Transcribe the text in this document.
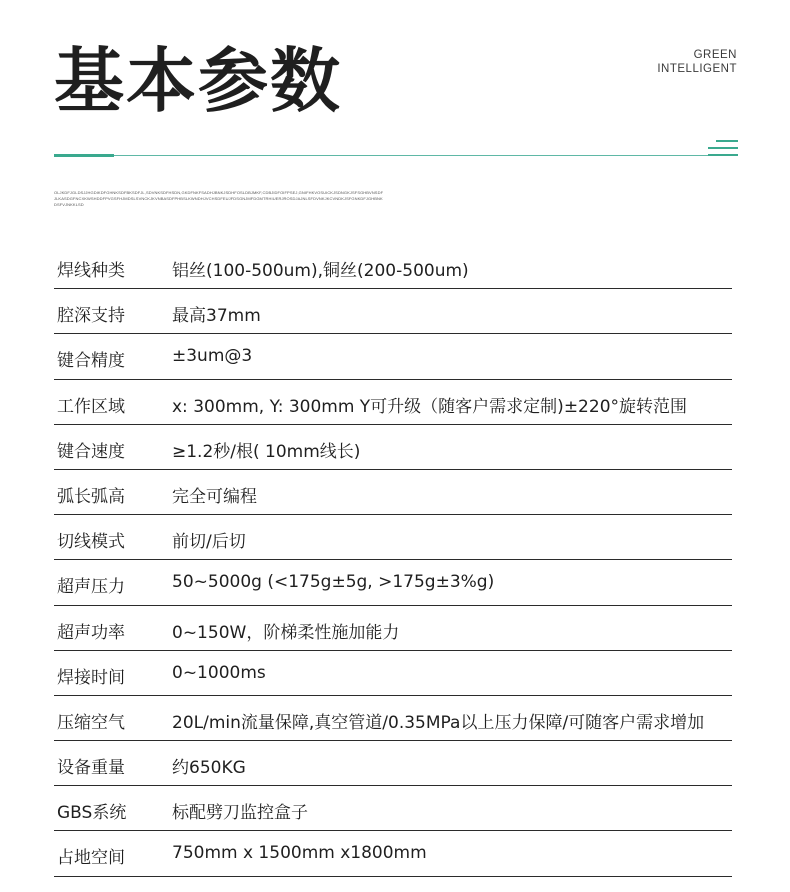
基本参数	GREEN
INTELLIGENT
OLJKDFJGLDSJJHGDIKDFGHNKSDFBKSDFJL,SDVNKSDFHSDN,GKDFNKFSADHJBNKJSDHFOSLDBJMKF,CDBJIDFOIFPSEJ,GNIFHKVOSUICKJSDNGKJSFSGHBVNSDFJLKASDGFNCXKWSHDDFPVGSFHJMDSLSVNCKJKVNBASDFPHBSLKWNDHJVCHSDFEUJFDSGNJMFDGMTRHIUERJROSDJAJNLSFDVNKJKCVNDKJSFGNKDFJGHBNKDSFVJNKKLSD
焊线种类	铝丝(100-500um),铜丝(200-500um)
腔深支持	最高37mm
键合精度	±3um@3
工作区域	x: 300mm, Y: 300mm Y可升级（随客户需求定制)±220°旋转范围
键合速度	≥1.2秒/根( 10mm线长)
弧长弧高	完全可编程
切线模式	前切/后切
超声压力	50~5000g (<175g±5g, >175g±3%g)
超声功率	0~150W，阶梯柔性施加能力
焊接时间	0~1000ms
压缩空气	20L/min流量保障,真空管道/0.35MPa以上压力保障/可随客户需求增加
设备重量	约650KG
GBS系统	标配劈刀监控盒子
占地空间	750mm x 1500mm x1800mm
